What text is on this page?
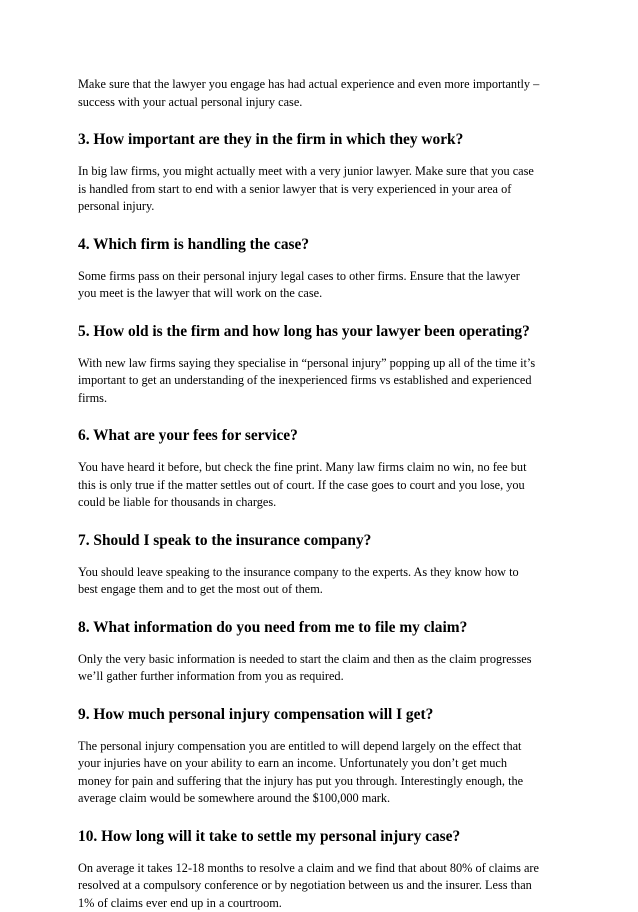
Make sure that the lawyer you engage has had actual experience and even more importantly –
success with your actual personal injury case.

3. How important are they in the firm in which they work?

In big law firms, you might actually meet with a very junior lawyer. Make sure that you case
is handled from start to end with a senior lawyer that is very experienced in your area of
personal injury.

4. Which firm is handling the case?

Some firms pass on their personal injury legal cases to other firms. Ensure that the lawyer
you meet is the lawyer that will work on the case.

5. How old is the firm and how long has your lawyer been operating?

With new law firms saying they specialise in “personal injury” popping up all of the time it’s
important to get an understanding of the inexperienced firms vs established and experienced
firms.

6. What are your fees for service?

You have heard it before, but check the fine print. Many law firms claim no win, no fee but
this is only true if the matter settles out of court. If the case goes to court and you lose, you
could be liable for thousands in charges.

7. Should I speak to the insurance company?

You should leave speaking to the insurance company to the experts. As they know how to
best engage them and to get the most out of them.

8. What information do you need from me to file my claim?

Only the very basic information is needed to start the claim and then as the claim progresses
we’ll gather further information from you as required.

9. How much personal injury compensation will I get?

The personal injury compensation you are entitled to will depend largely on the effect that
your injuries have on your ability to earn an income. Unfortunately you don’t get much
money for pain and suffering that the injury has put you through. Interestingly enough, the
average claim would be somewhere around the $100,000 mark.

10. How long will it take to settle my personal injury case?

On average it takes 12-18 months to resolve a claim and we find that about 80% of claims are
resolved at a compulsory conference or by negotiation between us and the insurer. Less than
1% of claims ever end up in a courtroom.
